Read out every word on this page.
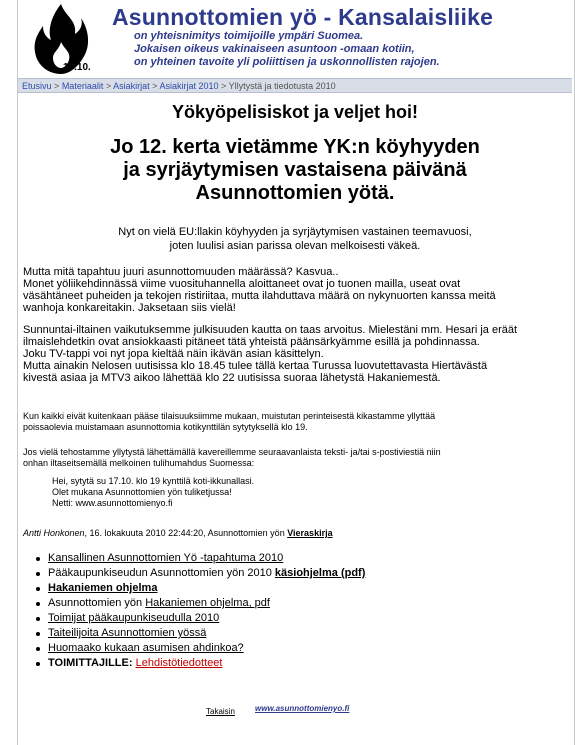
17.10.
Asunnottomien yö - Kansalaisliike
on yhteisnimitys toimijoille ympäri Suomea.
Jokaisen oikeus vakinaiseen asuntoon -omaan kotiin,
on yhteinen tavoite yli poliittisen ja uskonnollisten rajojen.
Etusivu > Materiaalit > Asiakirjat > Asiakirjat 2010 > Yllytystä ja tiedotusta 2010
Yökyöpelisiskot ja veljet hoi!
Jo 12. kerta vietämme YK:n köyhyyden
ja syrjäytymisen vastaisena päivänä
Asunnottomien yötä.
Nyt on vielä EU:llakin köyhyyden ja syrjäytymisen vastainen teemavuosi,
joten luulisi asian parissa olevan melkoisesti väkeä.
Mutta mitä tapahtuu juuri asunnottomuuden määrässä? Kasvua..
Monet yöliikehdinnässä viime vuosituhannella aloittaneet ovat jo tuonen mailla, useat ovat
väsähtäneet puheiden ja tekojen ristiriitaa, mutta ilahduttava määrä on nykynuorten kanssa meitä
wanhoja konkareitakin. Jaksetaan siis vielä!
Sunnuntai-iltainen vaikutuksemme julkisuuden kautta on taas arvoitus. Mielestäni mm. Hesari ja eräät
ilmaislehdetkin ovat ansiokkaasti pitäneet tätä yhteistä päänsärkyämme esillä ja pohdinnassa.
Joku TV-tappi voi nyt jopa kieltää näin ikävän asian käsittelyn.
Mutta ainakin Nelosen uutisissa klo 18.45 tulee tällä kertaa Turussa luovutettavasta Hiertävästä
kivestä asiaa ja MTV3 aikoo lähettää klo 22 uutisissa suoraa lähetystä Hakaniemestä.
Kun kaikki eivät kuitenkaan pääse tilaisuuksiimme mukaan, muistutan perinteisestä kikastamme yllyttää
poissaolevia muistamaan asunnottomia kotikynttilän sytytyksellä klo 19.
Jos vielä tehostamme yllytystä lähettämällä kavereillemme seuraavanlaista teksti- ja/tai s-postiviestiä niin
onhan iltaseitsemällä melkoinen tulihumahdus Suomessa:
Hei, sytytä su 17.10. klo 19 kynttilä koti-ikkunallasi.
Olet mukana Asunnottomien yön tuliketjussa!
Netti: www.asunnottomienyo.fi
Antti Honkonen, 16. lokakuuta 2010 22:44:20, Asunnottomien yön Vieraskirja
Kansallinen Asunnottomien Yö -tapahtuma 2010
Pääkaupunkiseudun Asunnottomien yön 2010 käsiohjelma (pdf)
Hakaniemen ohjelma
Asunnottomien yön Hakaniemen ohjelma, pdf
Toimijat pääkaupunkiseudulla 2010
Taiteilijoita Asunnottomien yössä
Huomaako kukaan asumisen ahdinkoa?
TOIMITTAJILLE: Lehdistötiedotteet
Takaisin	www.asunnottomienyo.fi
